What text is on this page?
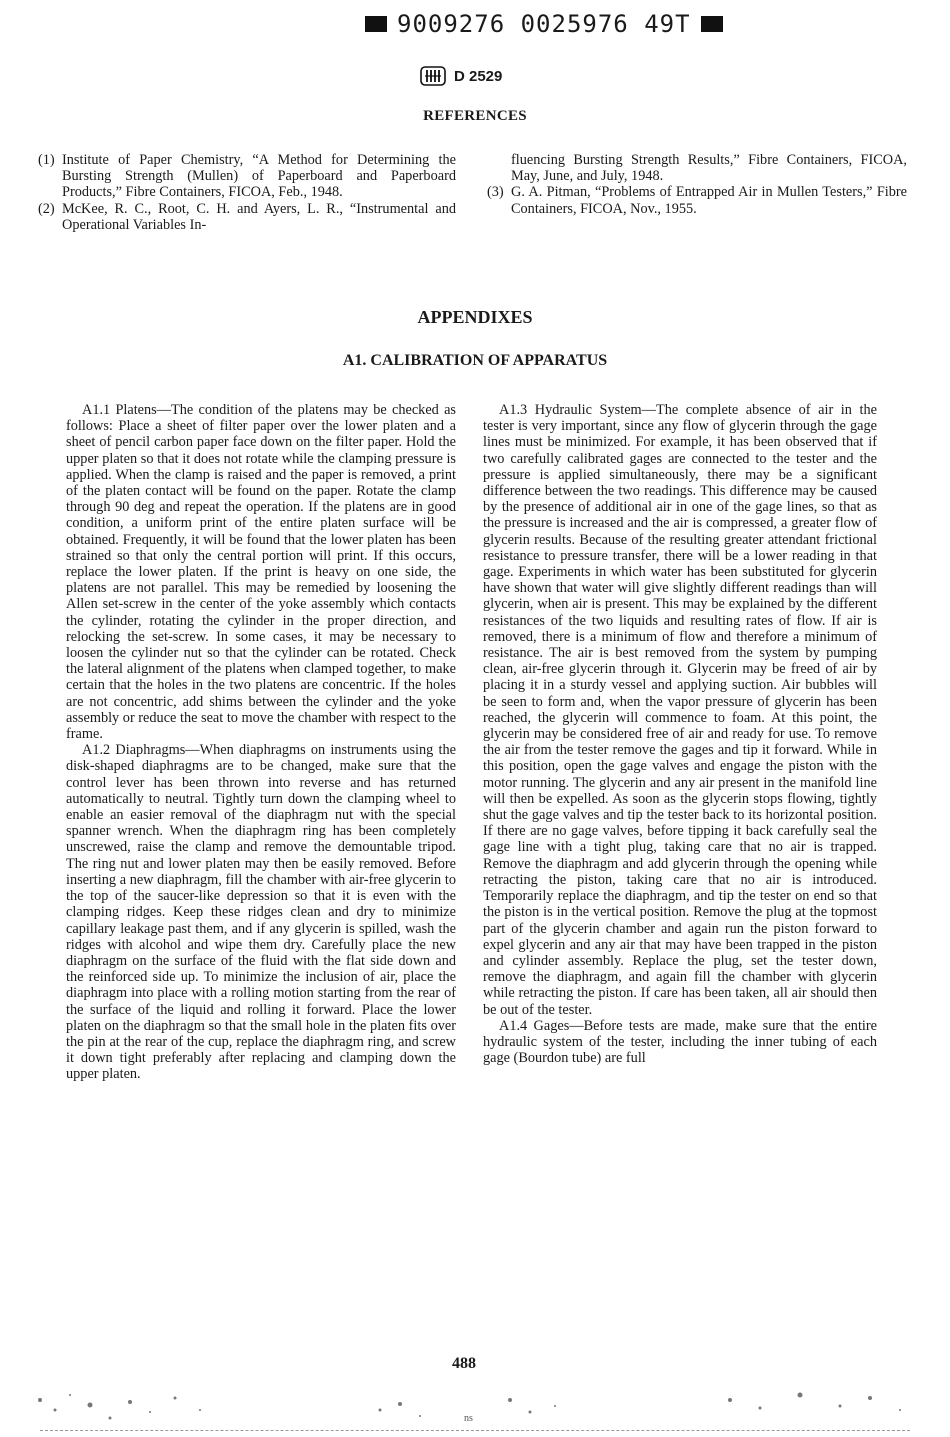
9009276 0025976 49T
D 2529
REFERENCES
(1) Institute of Paper Chemistry, “A Method for Determining the Bursting Strength (Mullen) of Paperboard and Paperboard Products,” Fibre Containers, FICOA, Feb., 1948.
(2) McKee, R. C., Root, C. H. and Ayers, L. R., “Instrumental and Operational Variables In-
fluencing Bursting Strength Results,” Fibre Containers, FICOA, May, June, and July, 1948.
(3) G. A. Pitman, “Problems of Entrapped Air in Mullen Testers,” Fibre Containers, FICOA, Nov., 1955.
APPENDIXES
A1. CALIBRATION OF APPARATUS

A1.1 Platens—The condition of the platens may be checked as follows: Place a sheet of filter paper over the lower platen and a sheet of pencil carbon paper face down on the filter paper. Hold the upper platen so that it does not rotate while the clamping pressure is applied. When the clamp is raised and the paper is removed, a print of the platen contact will be found on the paper. Rotate the clamp through 90 deg and repeat the operation. If the platens are in good condition, a uniform print of the entire platen surface will be obtained. Frequently, it will be found that the lower platen has been strained so that only the central portion will print. If this occurs, replace the lower platen. If the print is heavy on one side, the platens are not parallel. This may be remedied by loosening the Allen set-screw in the center of the yoke assembly which contacts the cylinder, rotating the cylinder in the proper direction, and relocking the set-screw. In some cases, it may be necessary to loosen the cylinder nut so that the cylinder can be rotated. Check the lateral alignment of the platens when clamped together, to make certain that the holes in the two platens are concentric. If the holes are not concentric, add shims between the cylinder and the yoke assembly or reduce the seat to move the chamber with respect to the frame.

A1.2 Diaphragms—When diaphragms on instruments using the disk-shaped diaphragms are to be changed, make sure that the control lever has been thrown into reverse and has returned automatically to neutral. Tightly turn down the clamping wheel to enable an easier removal of the diaphragm nut with the special spanner wrench. When the diaphragm ring has been completely unscrewed, raise the clamp and remove the demountable tripod. The ring nut and lower platen may then be easily removed. Before inserting a new diaphragm, fill the chamber with air-free glycerin to the top of the saucer-like depression so that it is even with the clamping ridges. Keep these ridges clean and dry to minimize capillary leakage past them, and if any glycerin is spilled, wash the ridges with alcohol and wipe them dry. Carefully place the new diaphragm on the surface of the fluid with the flat side down and the reinforced side up. To minimize the inclusion of air, place the diaphragm into place with a rolling motion starting from the rear of the surface of the liquid and rolling it forward. Place the lower platen on the diaphragm so that the small hole in the platen fits over the pin at the rear of the cup, replace the diaphragm ring, and screw it down tight preferably after replacing and clamping down the upper platen.

A1.3 Hydraulic System—The complete absence of air in the tester is very important, since any flow of glycerin through the gage lines must be minimized. For example, it has been observed that if two carefully calibrated gages are connected to the tester and the pressure is applied simultaneously, there may be a significant difference between the two readings. This difference may be caused by the presence of additional air in one of the gage lines, so that as the pressure is increased and the air is compressed, a greater flow of glycerin results. Because of the resulting greater attendant frictional resistance to pressure transfer, there will be a lower reading in that gage. Experiments in which water has been substituted for glycerin have shown that water will give slightly different readings than will glycerin, when air is present. This may be explained by the different resistances of the two liquids and resulting rates of flow. If air is removed, there is a minimum of flow and therefore a minimum of resistance. The air is best removed from the system by pumping clean, air-free glycerin through it. Glycerin may be freed of air by placing it in a sturdy vessel and applying suction. Air bubbles will be seen to form and, when the vapor pressure of glycerin has been reached, the glycerin will commence to foam. At this point, the glycerin may be considered free of air and ready for use. To remove the air from the tester remove the gages and tip it forward. While in this position, open the gage valves and engage the piston with the motor running. The glycerin and any air present in the manifold line will then be expelled. As soon as the glycerin stops flowing, tightly shut the gage valves and tip the tester back to its horizontal position. If there are no gage valves, before tipping it back carefully seal the gage line with a tight plug, taking care that no air is trapped. Remove the diaphragm and add glycerin through the opening while retracting the piston, taking care that no air is introduced. Temporarily replace the diaphragm, and tip the tester on end so that the piston is in the vertical position. Remove the plug at the topmost part of the glycerin chamber and again run the piston forward to expel glycerin and any air that may have been trapped in the piston and cylinder assembly. Replace the plug, set the tester down, remove the diaphragm, and again fill the chamber with glycerin while retracting the piston. If care has been taken, all air should then be out of the tester.

A1.4 Gages—Before tests are made, make sure that the entire hydraulic system of the tester, including the inner tubing of each gage (Bourdon tube) are full

488
ns
